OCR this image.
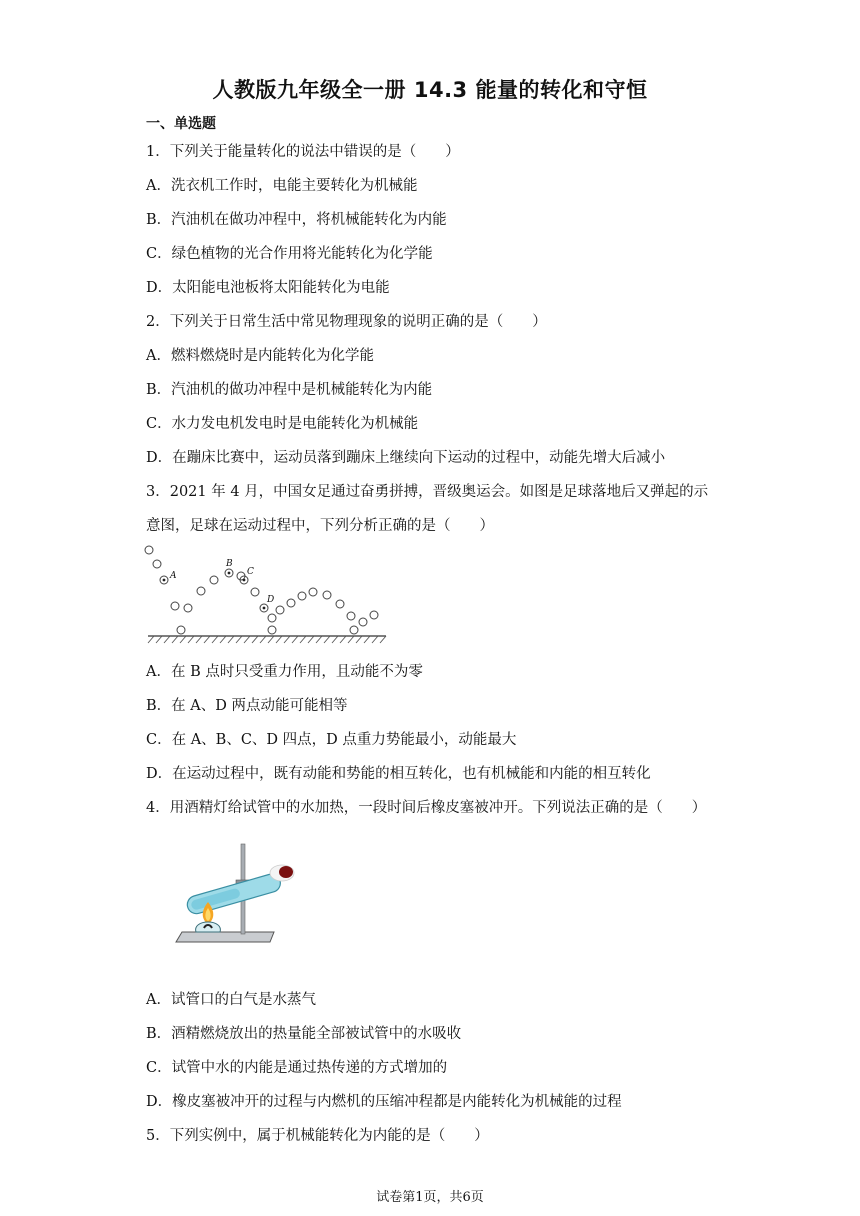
人教版九年级全一册 14.3 能量的转化和守恒
一、单选题
1．下列关于能量转化的说法中错误的是（　　）
A．洗衣机工作时，电能主要转化为机械能
B．汽油机在做功冲程中，将机械能转化为内能
C．绿色植物的光合作用将光能转化为化学能
D．太阳能电池板将太阳能转化为电能
2．下列关于日常生活中常见物理现象的说明正确的是（　　）
A．燃料燃烧时是内能转化为化学能
B．汽油机的做功冲程中是机械能转化为内能
C．水力发电机发电时是电能转化为机械能
D．在蹦床比赛中，运动员落到蹦床上继续向下运动的过程中，动能先增大后减小
3．2021 年 4 月，中国女足通过奋勇拼搏，晋级奥运会。如图是足球落地后又弹起的示
意图，足球在运动过程中，下列分析正确的是（　　）
A
B
C
D
A．在 B 点时只受重力作用，且动能不为零
B．在 A、D 两点动能可能相等
C．在 A、B、C、D 四点，D 点重力势能最小，动能最大
D．在运动过程中，既有动能和势能的相互转化，也有机械能和内能的相互转化
4．用酒精灯给试管中的水加热，一段时间后橡皮塞被冲开。下列说法正确的是（　　）
A．试管口的白气是水蒸气
B．酒精燃烧放出的热量能全部被试管中的水吸收
C．试管中水的内能是通过热传递的方式增加的
D．橡皮塞被冲开的过程与内燃机的压缩冲程都是内能转化为机械能的过程
5．下列实例中，属于机械能转化为内能的是（　　）
试卷第1页，共6页
